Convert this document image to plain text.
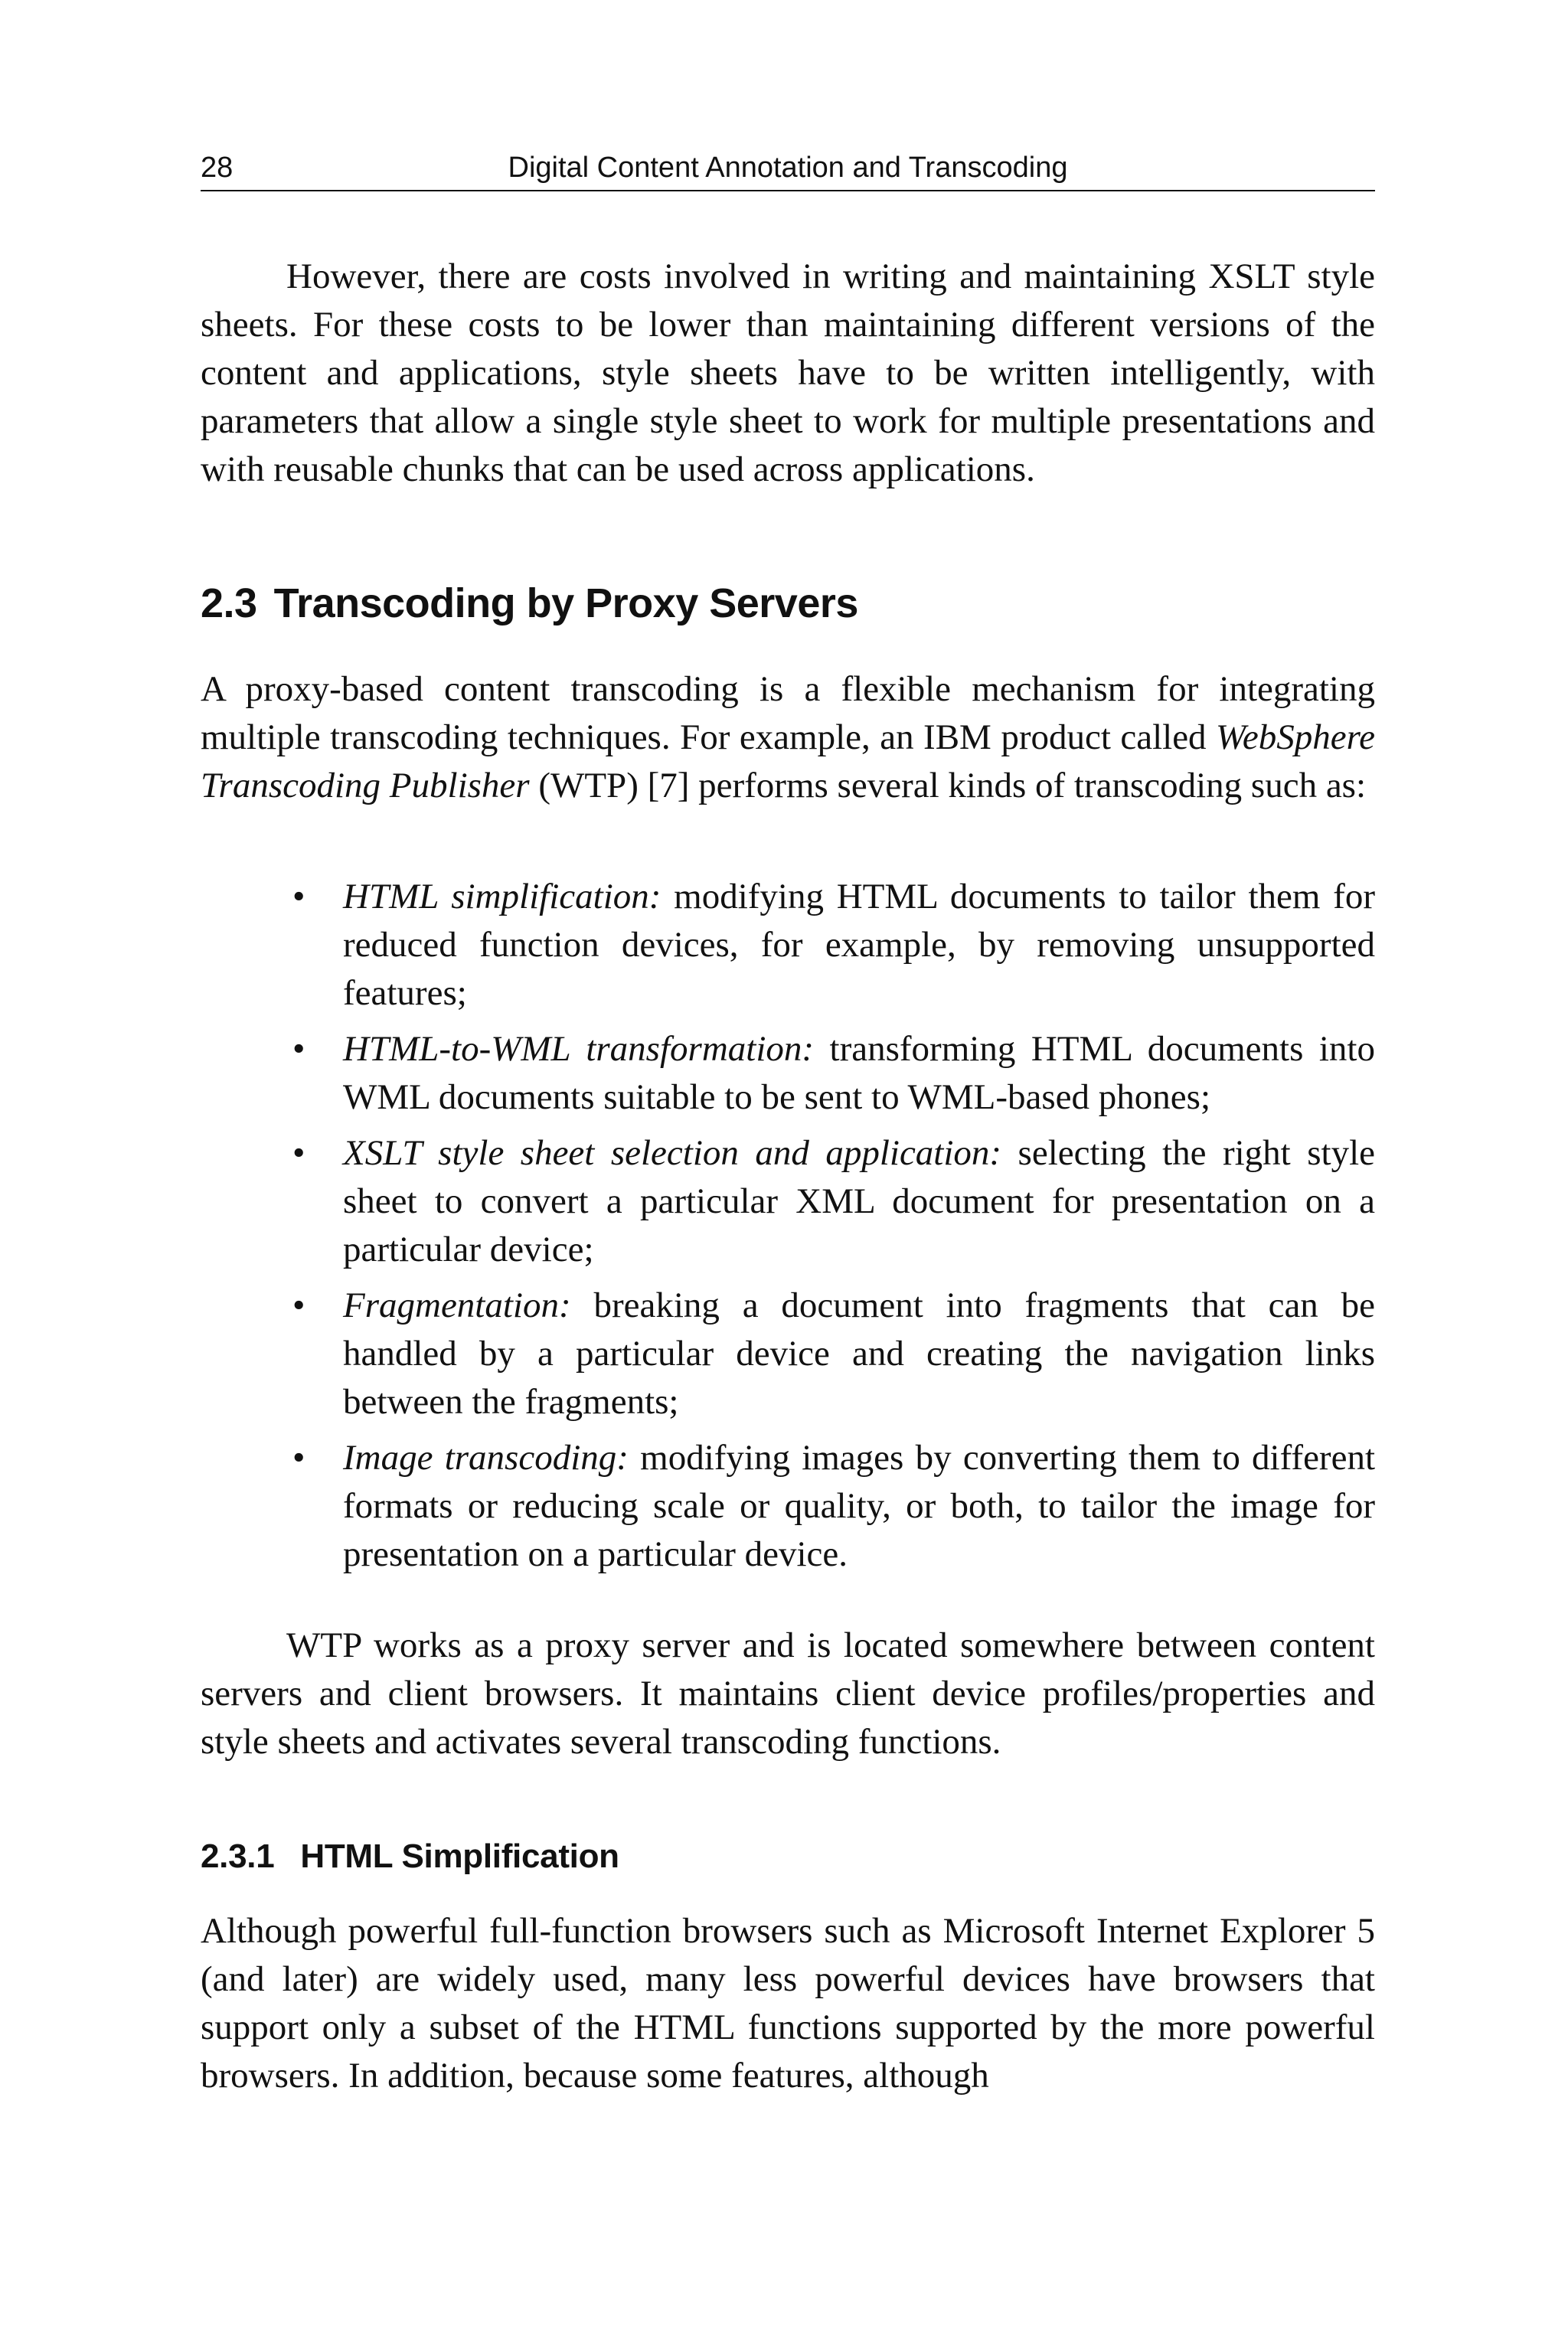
28	Digital Content Annotation and Transcoding

However, there are costs involved in writing and maintaining XSLT style sheets. For these costs to be lower than maintaining different versions of the content and applications, style sheets have to be written intelligently, with parameters that allow a single style sheet to work for multiple presentations and with reusable chunks that can be used across applications.

2.3 Transcoding by Proxy Servers

A proxy-based content transcoding is a flexible mechanism for integrating multiple transcoding techniques. For example, an IBM product called WebSphere Transcoding Publisher (WTP) [7] performs several kinds of transcoding such as:

• HTML simplification: modifying HTML documents to tailor them for reduced function devices, for example, by removing unsupported features;
• HTML-to-WML transformation: transforming HTML documents into WML documents suitable to be sent to WML-based phones;
• XSLT style sheet selection and application: selecting the right style sheet to convert a particular XML document for presentation on a particular device;
• Fragmentation: breaking a document into fragments that can be handled by a particular device and creating the navigation links between the fragments;
• Image transcoding: modifying images by converting them to different formats or reducing scale or quality, or both, to tailor the image for presentation on a particular device.

WTP works as a proxy server and is located somewhere between content servers and client browsers. It maintains client device profiles/properties and style sheets and activates several transcoding functions.

2.3.1 HTML Simplification

Although powerful full-function browsers such as Microsoft Internet Explorer 5 (and later) are widely used, many less powerful devices have browsers that support only a subset of the HTML functions supported by the more powerful browsers. In addition, because some features, although
